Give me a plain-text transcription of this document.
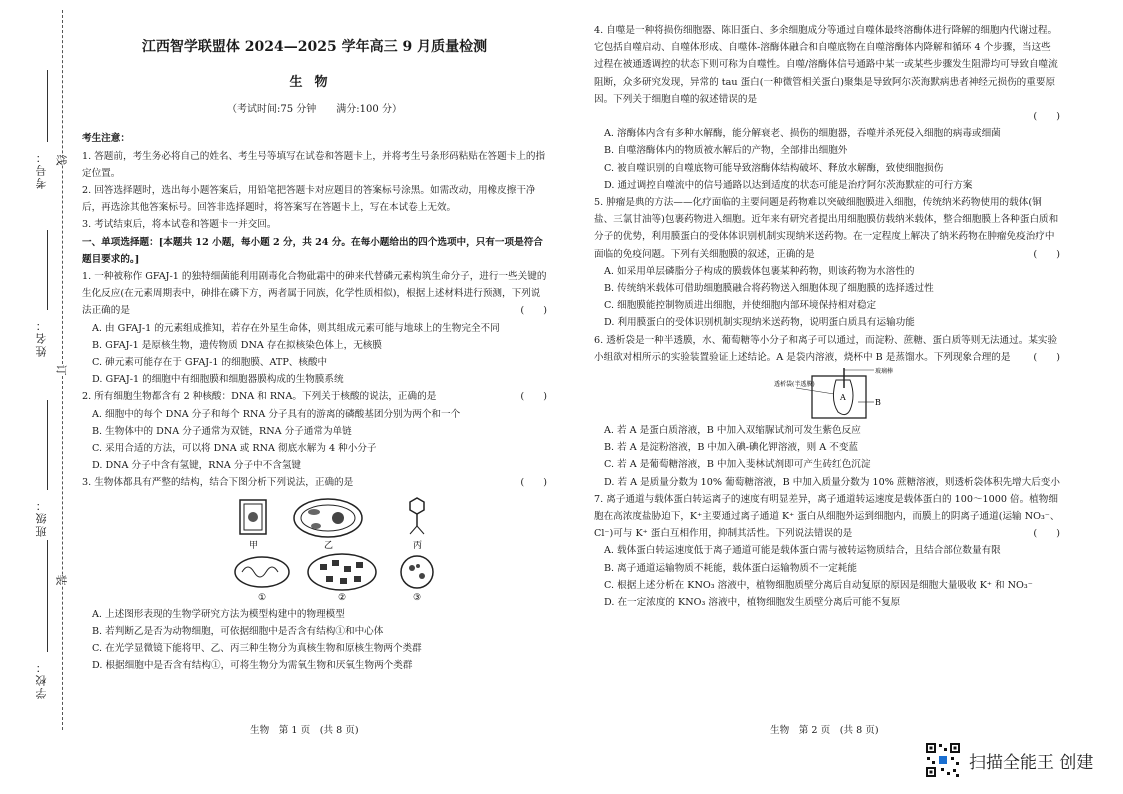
考号：
姓名：
班级：
学校：
线
订
装
江西智学联盟体 2024—2025 学年高三 9 月质量检测
生物
（考试时间:75 分钟　　满分:100 分）
考生注意：

1. 答题前，考生务必将自己的姓名、考生号等填写在试卷和答题卡上，并将考生号条形码粘贴在答题卡上的指定位置。

2. 回答选择题时，选出每小题答案后，用铅笔把答题卡对应题目的答案标号涂黑。如需改动，用橡皮擦干净后，再选涂其他答案标号。回答非选择题时，将答案写在答题卡上，写在本试卷上无效。

3. 考试结束后，将本试卷和答题卡一并交回。

一、单项选择题：[本题共 12 小题，每小题 2 分，共 24 分。在每小题给出的四个选项中，只有一项是符合题目要求的。]

1. 一种被称作 GFAJ-1 的独特细菌能利用剧毒化合物砒霜中的砷来代替磷元素构筑生命分子，进行一些关键的生化反应(在元素周期表中，砷排在磷下方，两者属于同族，化学性质相似)，根据上述材料进行预测，下列说法正确的是	(　　)

A. 由 GFAJ-1 的元素组成推知，若存在外星生命体，则其组成元素可能与地球上的生物完全不同

B. GFAJ-1 是原核生物，遗传物质 DNA 存在拟核染色体上，无核膜

C. 砷元素可能存在于 GFAJ-1 的细胞膜、ATP、核酸中

D. GFAJ-1 的细胞中有细胞膜和细胞器膜构成的生物膜系统

2. 所有细胞生物都含有 2 种核酸：DNA 和 RNA。下列关于核酸的说法，正确的是	(　　)

A. 细胞中的每个 DNA 分子和每个 RNA 分子具有的游离的磷酸基团分别为两个和一个

B. 生物体中的 DNA 分子通常为双链，RNA 分子通常为单链

C. 采用合适的方法，可以将 DNA 或 RNA 彻底水解为 4 种小分子

D. DNA 分子中含有氢键，RNA 分子中不含氢键

3. 生物体都具有严整的结构，结合下图分析下列说法，正确的是	(　　)

甲	乙	丙
①	②	③

A. 上述图形表现的生物学研究方法为模型构建中的物理模型

B. 若判断乙是否为动物细胞，可依据细胞中是否含有结构①和中心体

C. 在光学显微镜下能将甲、乙、丙三种生物分为真核生物和原核生物两个类群

D. 根据细胞中是否含有结构①，可将生物分为需氧生物和厌氧生物两个类群

4. 自噬是一种将损伤细胞器、陈旧蛋白、多余细胞成分等通过自噬体最终溶酶体进行降解的细胞内代谢过程。它包括自噬启动、自噬体形成、自噬体-溶酶体融合和自噬底物在自噬溶酶体内降解和循环 4 个步骤，当这些过程在被通透调控的状态下则可称为自噬性。自噬/溶酶体信号通路中某一或某些步骤发生阻滞均可导致自噬流阻断，众多研究发现，异常的 tau 蛋白(一种微管相关蛋白)聚集是导致阿尔茨海默病患者神经元损伤的重要原因。下列关于细胞自噬的叙述错误的是

(　　)

A. 溶酶体内含有多种水解酶，能分解衰老、损伤的细胞器，吞噬并杀死侵入细胞的病毒或细菌

B. 自噬溶酶体内的物质被水解后的产物，全部排出细胞外

C. 被自噬识别的自噬底物可能导致溶酶体结构破坏、释放水解酶，致使细胞损伤

D. 通过调控自噬流中的信号通路以达到适度的状态可能是治疗阿尔茨海默症的可行方案

5. 肿瘤是典的方法——化疗面临的主要问题是药物难以突破细胞膜进入细胞，传统纳米药物使用的载体(铜盐、三氯甘油等)包裹药物进入细胞。近年来有研究者提出用细胞膜仿载纳米载体，整合细胞膜上各种蛋白质和分子的优势，利用膜蛋白的受体体识别机制实现纳米送药物。在一定程度上解决了纳米药物在肿瘤免疫治疗中面临的免疫问题。下列有关细胞膜的叙述，正确的是	(　　)

A. 如采用单层磷脂分子构成的膜载体包裹某种药物，则该药物为水溶性的

B. 传统纳米载体可借助细胞膜融合将药物送入细胞体现了细胞膜的选择透过性

C. 细胞膜能控制物质进出细胞，并使细胞内部环境保持相对稳定

D. 利用膜蛋白的受体识别机制实现纳米送药物，说明蛋白质具有运输功能

6. 透析袋是一种半透膜，水、葡萄糖等小分子和离子可以通过，而淀粉、蔗糖、蛋白质等则无法通过。某实验小组欲对相所示的实验装置验证上述结论。A 是袋内溶液，烧杯中 B 是蒸馏水。下列现象合理的是 (　　)

玻璃棒
透析袋(半透膜)
A
B

A. 若 A 是蛋白质溶液，B 中加入双缩脲试剂可发生紫色反应

B. 若 A 是淀粉溶液，B 中加入碘-碘化钾溶液，则 A 不变蓝

C. 若 A 是葡萄糖溶液，B 中加入斐林试剂即可产生砖红色沉淀

D. 若 A 是质量分数为 10% 葡萄糖溶液，B 中加入质量分数为 10% 蔗糖溶液，则透析袋体积先增大后变小

7. 离子通道与载体蛋白转运离子的速度有明显差异，离子通道转运速度是载体蛋白的 100～1000 倍。植物细胞在高浓度盐胁迫下，K⁺主要通过离子通道 K⁺ 蛋白从细胞外运到细胞内，而膜上的阴离子通道(运输 NO₃⁻、Cl⁻)可与 K⁺ 蛋白互相作用，抑制其活性。下列说法错误的是	(　　)

A. 载体蛋白转运速度低于离子通道可能是载体蛋白需与被转运物质结合，且结合部位数量有限

B. 离子通道运输物质不耗能，载体蛋白运输物质不一定耗能

C. 根据上述分析在 KNO₃ 溶液中，植物细胞质壁分离后自动复原的原因是细胞大量吸收 K⁺ 和 NO₃⁻

D. 在一定浓度的 KNO₃ 溶液中，植物细胞发生质壁分离后可能不复原

生物　第 1 页　(共 8 页)	生物　第 2 页　(共 8 页)
扫描全能王 创建
